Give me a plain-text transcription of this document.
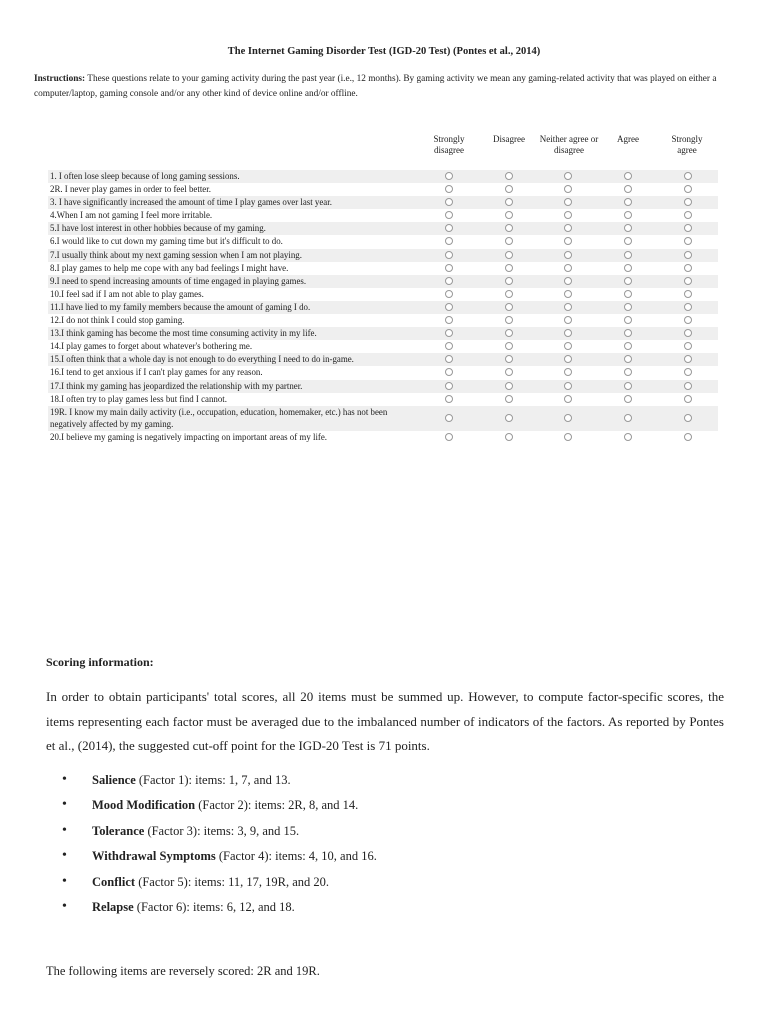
The Internet Gaming Disorder Test (IGD-20 Test) (Pontes et al., 2014)
Instructions: These questions relate to your gaming activity during the past year (i.e., 12 months). By gaming activity we mean any gaming-related activity that was played on either a computer/laptop, gaming console and/or any other kind of device online and/or offline.
Strongly disagree
Disagree	Neither agree or disagree
Agree	Strongly agree
1. I often lose sleep because of long gaming sessions.
2R. I never play games in order to feel better.
3. I have significantly increased the amount of time I play games over last year.
4.When I am not gaming I feel more irritable.
5.I have lost interest in other hobbies because of my gaming.
6.I would like to cut down my gaming time but it's difficult to do.
7.I usually think about my next gaming session when I am not playing.
8.I play games to help me cope with any bad feelings I might have.
9.I need to spend increasing amounts of time engaged in playing games.
10.I feel sad if I am not able to play games.
11.I have lied to my family members because the amount of gaming I do.
12.I do not think I could stop gaming.
13.I think gaming has become the most time consuming activity in my life.
14.I play games to forget about whatever's bothering me.
15.I often think that a whole day is not enough to do everything I need to do in-game.
16.I tend to get anxious if I can't play games for any reason.
17.I think my gaming has jeopardized the relationship with my partner.
18.I often try to play games less but find I cannot.
19R. I know my main daily activity (i.e., occupation, education, homemaker, etc.) has not been negatively affected by my gaming.
20.I believe my gaming is negatively impacting on important areas of my life.
Scoring information:
In order to obtain participants' total scores, all 20 items must be summed up. However, to compute factor-specific scores, the items representing each factor must be averaged due to the imbalanced number of indicators of the factors. As reported by Pontes et al., (2014), the suggested cut-off point for the IGD-20 Test is 71 points.
• Salience (Factor 1): items: 1, 7, and 13.
• Mood Modification (Factor 2): items: 2R, 8, and 14.
• Tolerance (Factor 3): items: 3, 9, and 15.
• Withdrawal Symptoms (Factor 4): items: 4, 10, and 16.
• Conflict (Factor 5): items: 11, 17, 19R, and 20.
• Relapse (Factor 6): items: 6, 12, and 18.
The following items are reversely scored: 2R and 19R.
